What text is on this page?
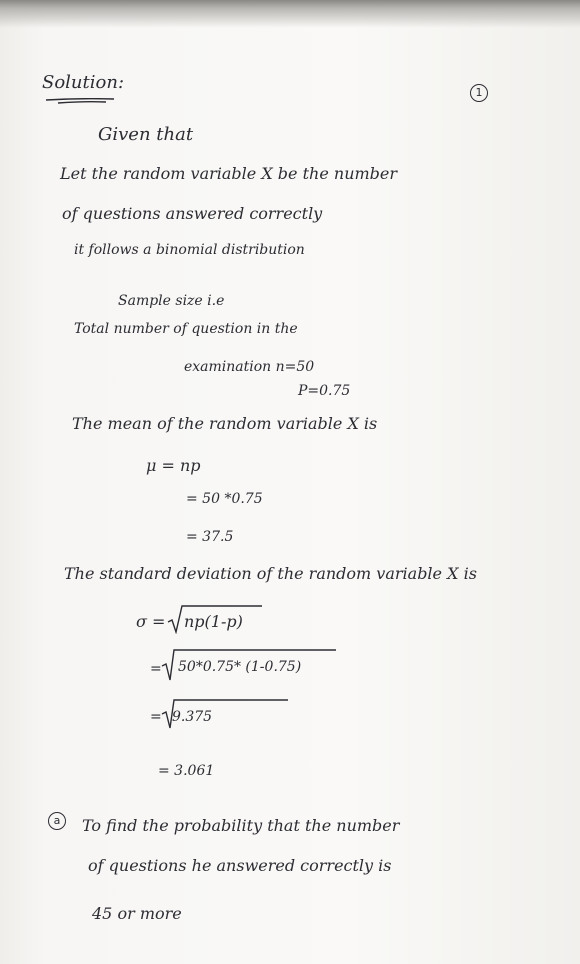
Solution:	1
Given that
Let the random variable X be the number
of questions answered correctly
it follows a binomial distribution
Sample size i.e
Total number of question in the
examination n=50
P=0.75
The mean of the random variable X is
μ = np
= 50 *0.75
= 37.5
The standard deviation of the random variable X is
σ = np(1-p)
= 50*0.75* (1-0.75)
= 9.375
= 3.061
a	To find the probability that the number
of questions he answered correctly is
45 or more
